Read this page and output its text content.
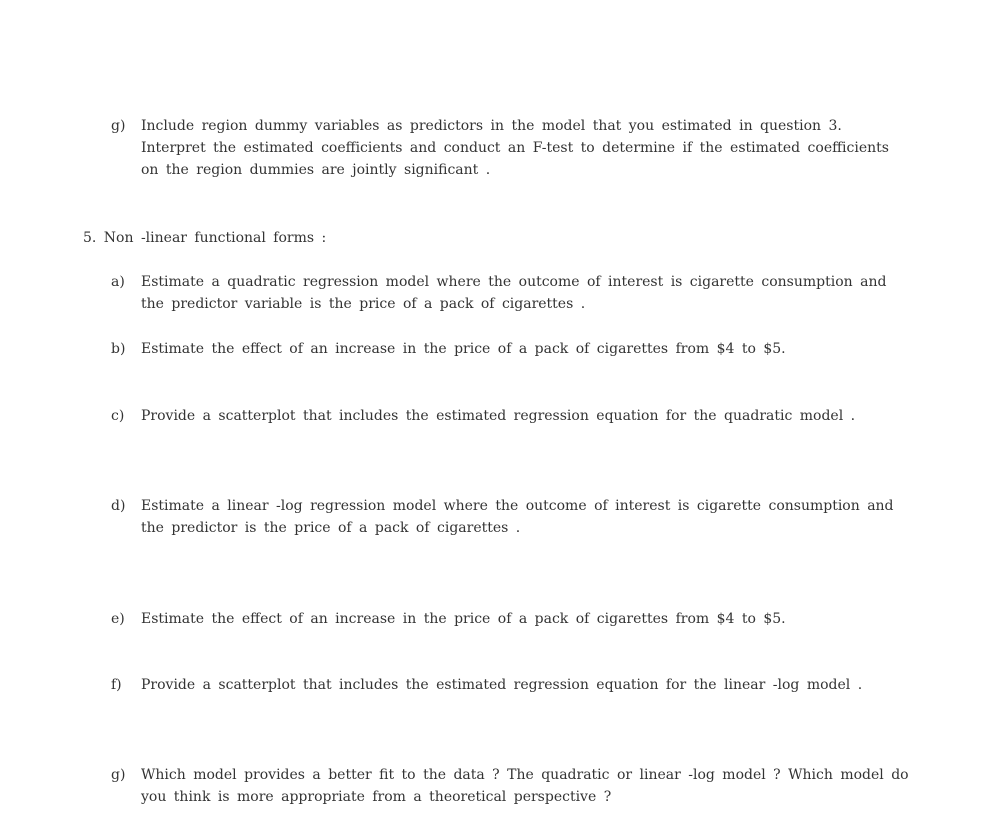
g)	Include region dummy variables as predictors in the model that you estimated in question 3. Interpret the estimated coefficients and conduct an F-test to determine if the estimated coefficients on the region dummies are jointly significant .
5. Non -linear functional forms :
a)	Estimate a quadratic regression model where the outcome of interest is cigarette consumption and the predictor variable is the price of a pack of cigarettes .
b)	Estimate the effect of an increase in the price of a pack of cigarettes from $4 to $5.
c)	Provide a scatterplot that includes the estimated regression equation for the quadratic model .
d)	Estimate a linear -log regression model where the outcome of interest is cigarette consumption and the predictor is the price of a pack of cigarettes .
e)	Estimate the effect of an increase in the price of a pack of cigarettes from $4 to $5.
f)	Provide a scatterplot that includes the estimated regression equation for the linear -log model .
g)	Which model provides a better fit to the data ? The quadratic or linear -log model ? Which model do you think is more appropriate from a theoretical perspective ?
